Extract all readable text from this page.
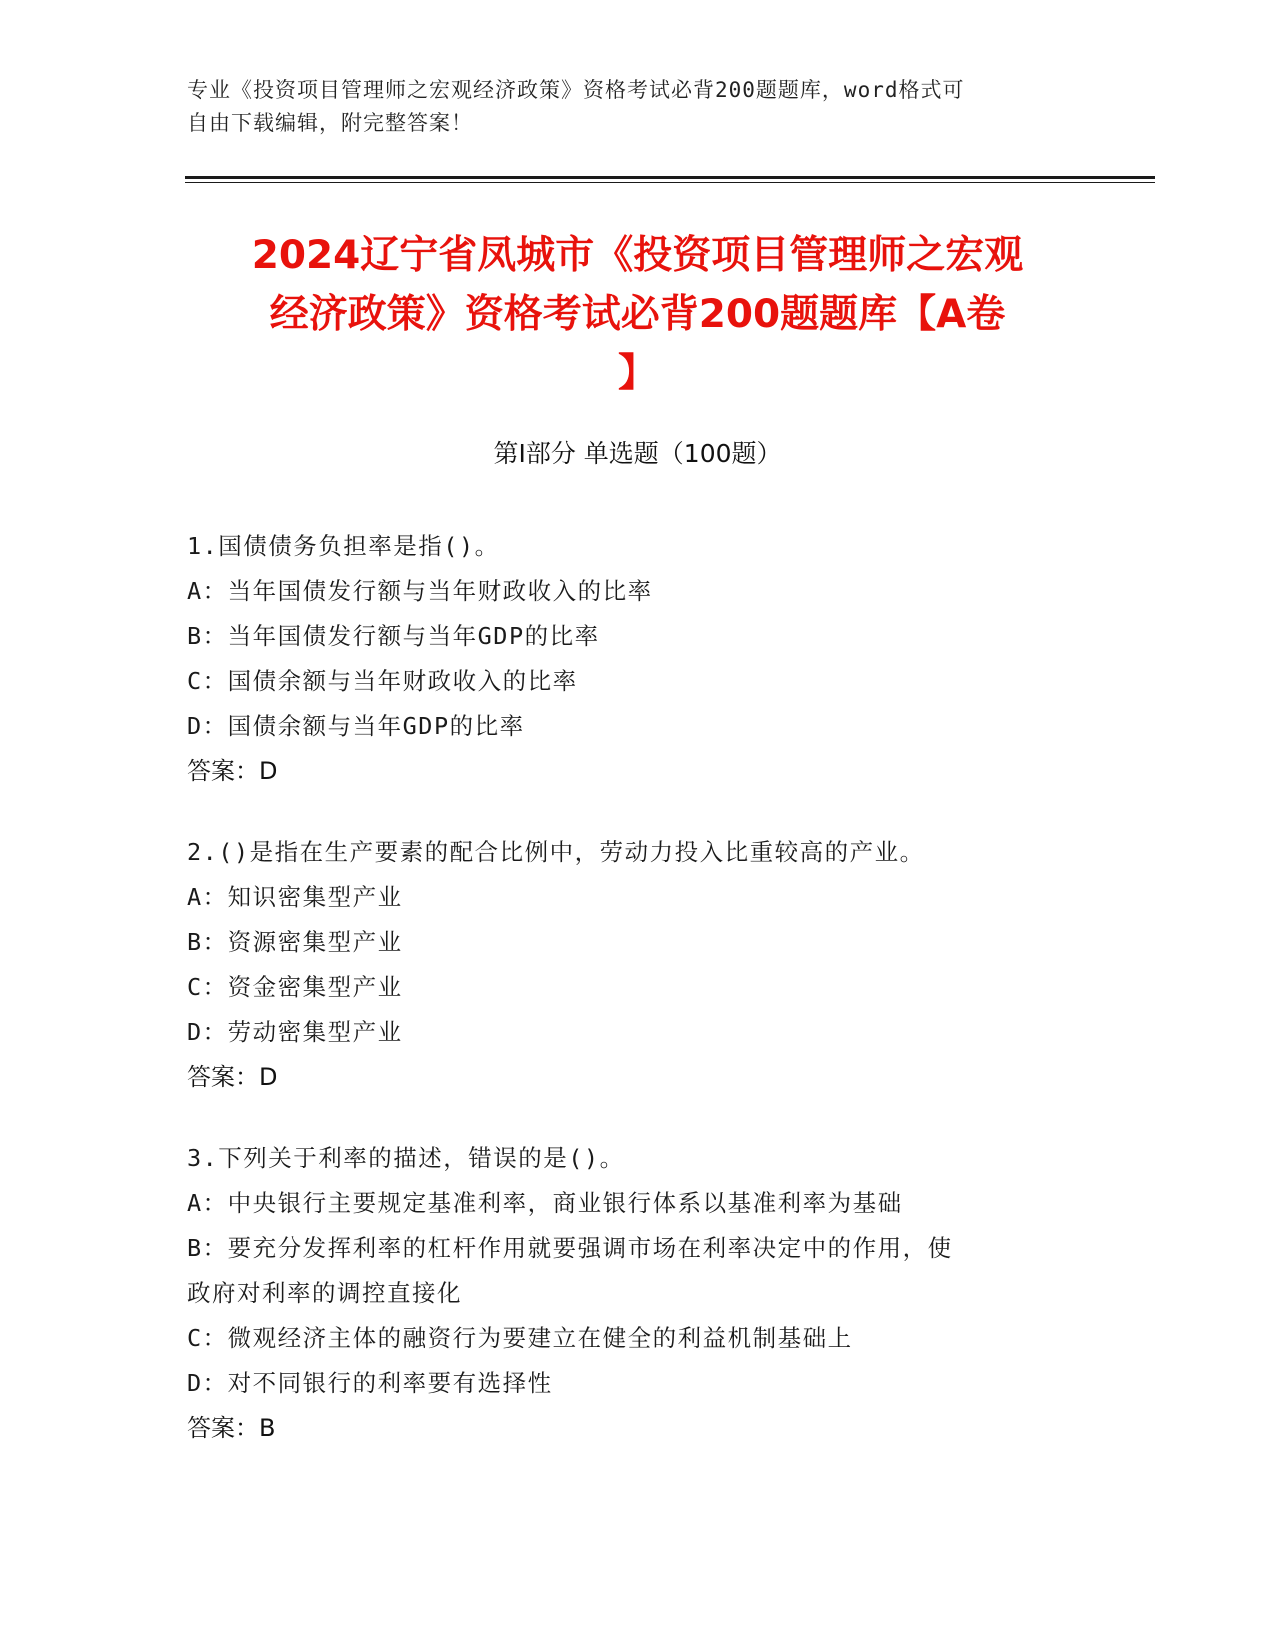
专业《投资项目管理师之宏观经济政策》资格考试必背200题题库，word格式可
自由下载编辑，附完整答案！
2024辽宁省凤城市《投资项目管理师之宏观
经济政策》资格考试必背200题题库【A卷
】
第Ⅰ部分 单选题（100题）
1.国债债务负担率是指()。
A：当年国债发行额与当年财政收入的比率
B：当年国债发行额与当年GDP的比率
C：国债余额与当年财政收入的比率
D：国债余额与当年GDP的比率
答案：D
2.()是指在生产要素的配合比例中，劳动力投入比重较高的产业。
A：知识密集型产业
B：资源密集型产业
C：资金密集型产业
D：劳动密集型产业
答案：D
3.下列关于利率的描述，错误的是()。
A：中央银行主要规定基准利率，商业银行体系以基准利率为基础
B：要充分发挥利率的杠杆作用就要强调市场在利率决定中的作用，使
政府对利率的调控直接化
C：微观经济主体的融资行为要建立在健全的利益机制基础上
D：对不同银行的利率要有选择性
答案：B
